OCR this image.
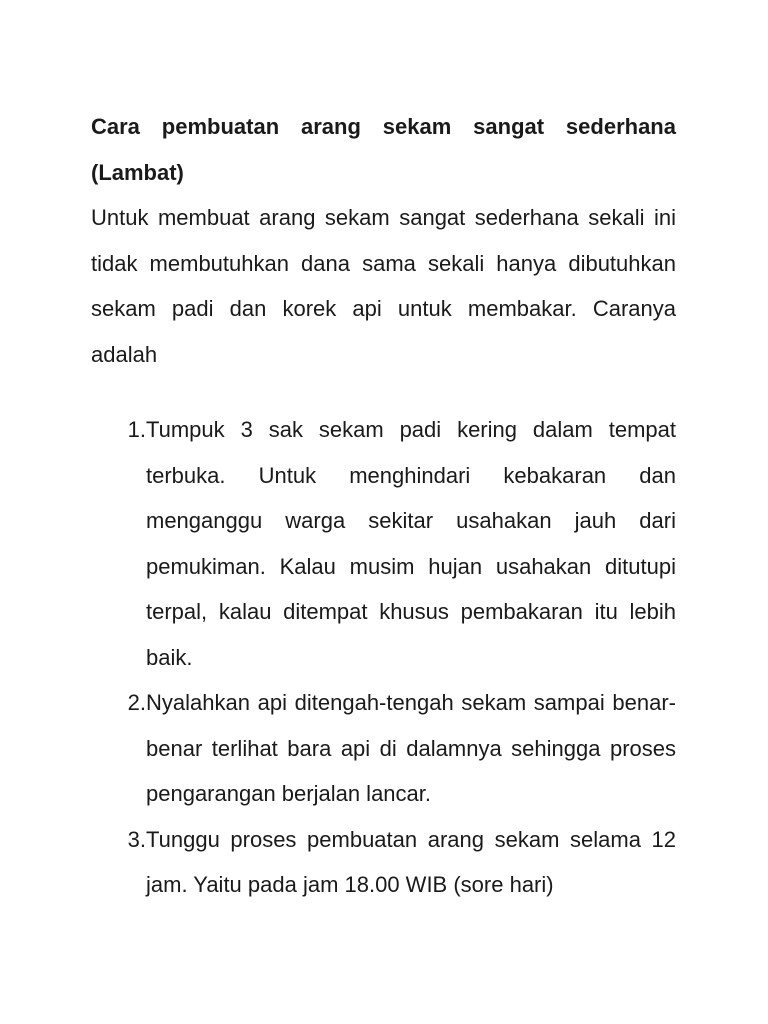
Cara pembuatan arang sekam sangat sederhana (Lambat)

Untuk membuat arang sekam sangat sederhana sekali ini tidak membutuhkan dana sama sekali hanya dibutuhkan sekam padi dan korek api untuk membakar. Caranya adalah

1. Tumpuk 3 sak sekam padi kering dalam tempat terbuka. Untuk menghindari kebakaran dan menganggu warga sekitar usahakan jauh dari pemukiman. Kalau musim hujan usahakan ditutupi terpal, kalau ditempat khusus pembakaran itu lebih baik.
2. Nyalahkan api ditengah-tengah sekam sampai benar-benar terlihat bara api di dalamnya sehingga proses pengarangan berjalan lancar.
3. Tunggu proses pembuatan arang sekam selama 12 jam. Yaitu pada jam 18.00 WIB (sore hari)
